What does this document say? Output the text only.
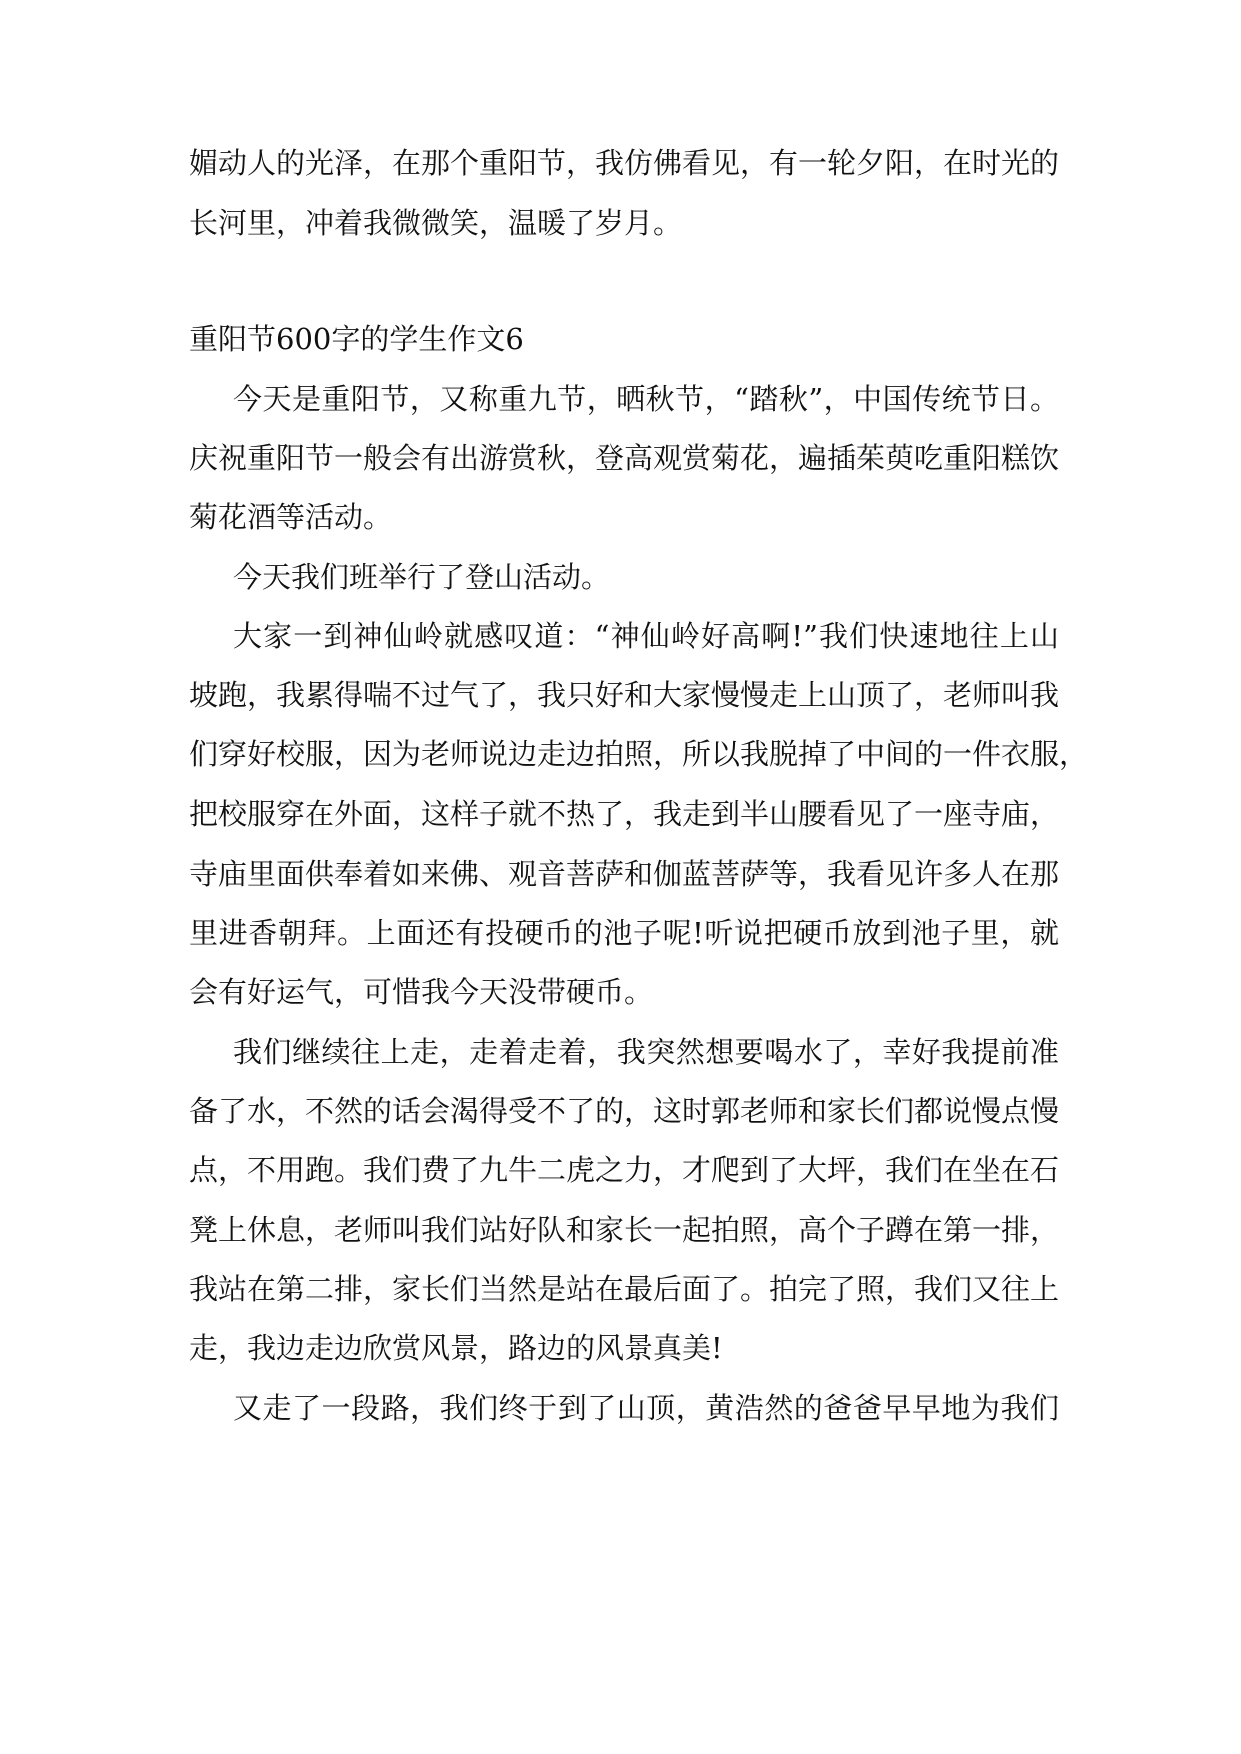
媚动人的光泽，在那个重阳节，我仿佛看见，有一轮夕阳，在时光的

长河里，冲着我微微笑，温暖了岁月。

重阳节600字的学生作文6

今天是重阳节，又称重九节，晒秋节，“踏秋”，中国传统节日。

庆祝重阳节一般会有出游赏秋，登高观赏菊花，遍插茱萸吃重阳糕饮

菊花酒等活动。

今天我们班举行了登山活动。

大家一到神仙岭就感叹道：“神仙岭好高啊!”我们快速地往上山

坡跑，我累得喘不过气了，我只好和大家慢慢走上山顶了，老师叫我

们穿好校服，因为老师说边走边拍照，所以我脱掉了中间的一件衣服，

把校服穿在外面，这样子就不热了，我走到半山腰看见了一座寺庙，

寺庙里面供奉着如来佛、观音菩萨和伽蓝菩萨等，我看见许多人在那

里进香朝拜。上面还有投硬币的池子呢!听说把硬币放到池子里，就

会有好运气，可惜我今天没带硬币。

我们继续往上走，走着走着，我突然想要喝水了，幸好我提前准

备了水，不然的话会渴得受不了的，这时郭老师和家长们都说慢点慢

点，不用跑。我们费了九牛二虎之力，才爬到了大坪，我们在坐在石

凳上休息，老师叫我们站好队和家长一起拍照，高个子蹲在第一排，

我站在第二排，家长们当然是站在最后面了。拍完了照，我们又往上

走，我边走边欣赏风景，路边的风景真美!

又走了一段路，我们终于到了山顶，黄浩然的爸爸早早地为我们
